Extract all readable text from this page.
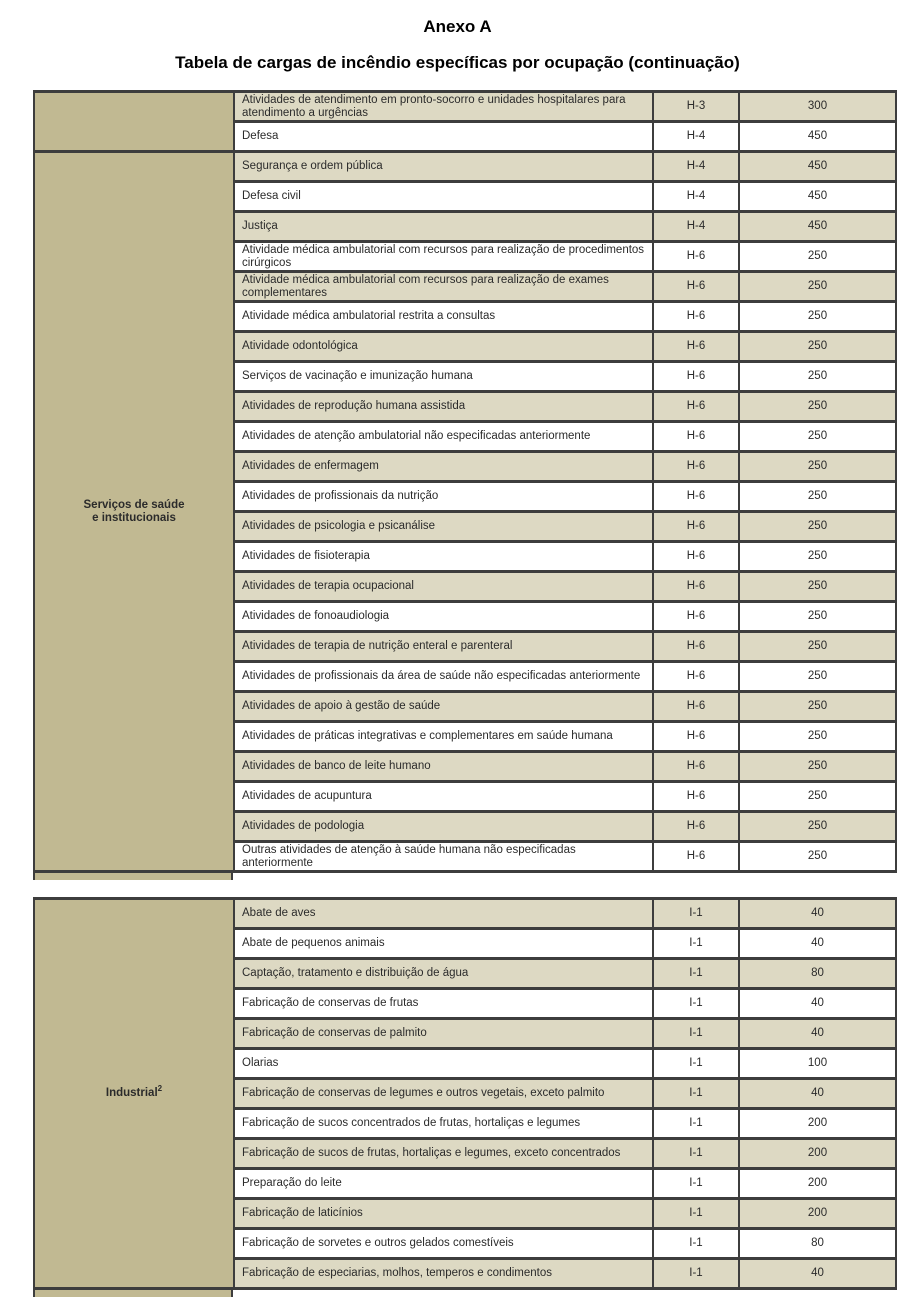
Anexo A
Tabela de cargas de incêndio específicas por ocupação (continuação)
	Atividades de atendimento em pronto-socorro e unidades hospitalares para atendimento a urgências	H-3	300
	Defesa	H-4	450
Serviços de saúde
e institucionais	Segurança e ordem pública	H-4	450
	Defesa civil	H-4	450
	Justiça	H-4	450
	Atividade médica ambulatorial com recursos para realização de procedimentos cirúrgicos	H-6	250
	Atividade médica ambulatorial com recursos para realização de exames complementares	H-6	250
	Atividade médica ambulatorial restrita a consultas	H-6	250
	Atividade odontológica	H-6	250
	Serviços de vacinação e imunização humana	H-6	250
	Atividades de reprodução humana assistida	H-6	250
	Atividades de atenção ambulatorial não especificadas anteriormente	H-6	250
	Atividades de enfermagem	H-6	250
	Atividades de profissionais da nutrição	H-6	250
	Atividades de psicologia e psicanálise	H-6	250
	Atividades de fisioterapia	H-6	250
	Atividades de terapia ocupacional	H-6	250
	Atividades de fonoaudiologia	H-6	250
	Atividades de terapia de nutrição enteral e parenteral	H-6	250
	Atividades de profissionais da área de saúde não especificadas anteriormente	H-6	250
	Atividades de apoio à gestão de saúde	H-6	250
	Atividades de práticas integrativas e complementares em saúde humana	H-6	250
	Atividades de banco de leite humano	H-6	250
	Atividades de acupuntura	H-6	250
	Atividades de podologia	H-6	250
	Outras atividades de atenção à saúde humana não especificadas anteriormente	H-6	250
Industrial$^2$	Abate de aves	I-1	40
	Abate de pequenos animais	I-1	40
	Captação, tratamento e distribuição de água	I-1	80
	Fabricação de conservas de frutas	I-1	40
	Fabricação de conservas de palmito	I-1	40
	Olarias	I-1	100
	Fabricação de conservas de legumes e outros vegetais, exceto palmito	I-1	40
	Fabricação de sucos concentrados de frutas, hortaliças e legumes	I-1	200
	Fabricação de sucos de frutas, hortaliças e legumes, exceto concentrados	I-1	200
	Preparação do leite	I-1	200
	Fabricação de laticínios	I-1	200
	Fabricação de sorvetes e outros gelados comestíveis	I-1	80
	Fabricação de especiarias, molhos, temperos e condimentos	I-1	40
